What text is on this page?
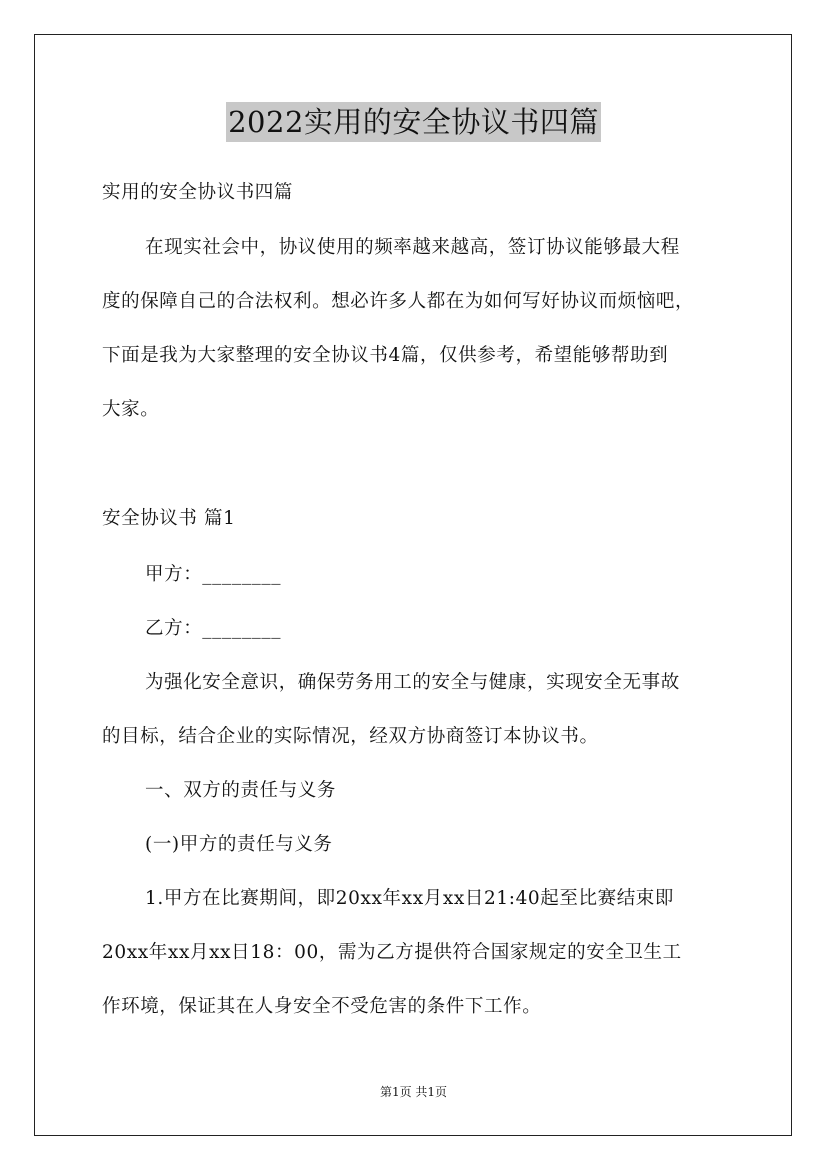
2022实用的安全协议书四篇
实用的安全协议书四篇
在现实社会中，协议使用的频率越来越高，签订协议能够最大程
度的保障自己的合法权利。想必许多人都在为如何写好协议而烦恼吧，
下面是我为大家整理的安全协议书4篇，仅供参考，希望能够帮助到
大家。
安全协议书 篇1
甲方：________
乙方：________
为强化安全意识，确保劳务用工的安全与健康，实现安全无事故
的目标，结合企业的实际情况，经双方协商签订本协议书。
一、双方的责任与义务
(一)甲方的责任与义务
1.甲方在比赛期间，即20xx年xx月xx日21:40起至比赛结束即
20xx年xx月xx日18：00，需为乙方提供符合国家规定的安全卫生工
作环境，保证其在人身安全不受危害的条件下工作。
第1页 共1页
